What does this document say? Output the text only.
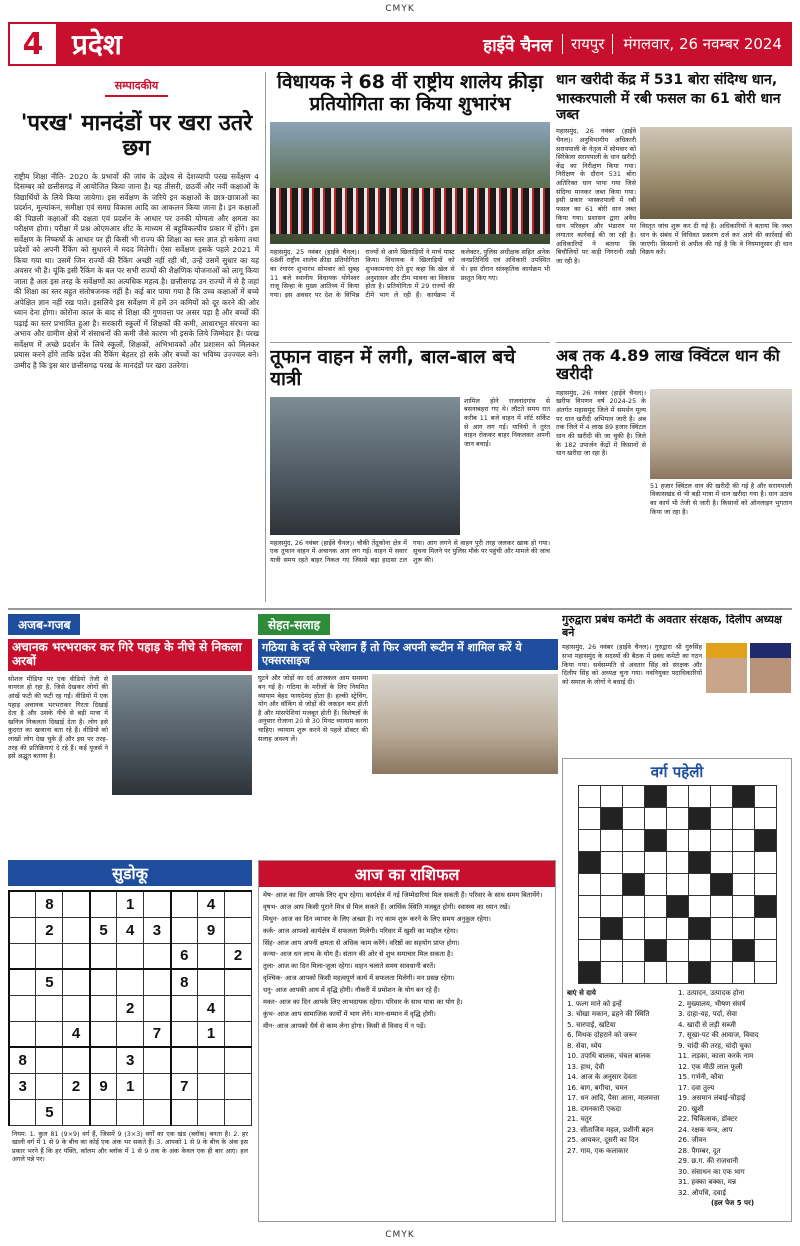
CMYK
4	प्रदेश	हाईवे चैनल	रायपुर	मंगलवार, 26 नवम्बर 2024
सम्पादकीय
'परख' मानदंडों पर खरा उतरे छग
राष्ट्रीय शिक्षा नीति- 2020 के प्रभावों की जांच के उद्देश्य से देशव्यापी परख सर्वेक्षण 4 दिसम्बर को छत्तीसगढ़ में आयोजित किया जाना है। यह तीसरी, छठवीं और नवीं कक्षाओं के विद्यार्थियों के लिये किया जायेगा। इस सर्वेक्षण के जरिये इन कक्षाओं के छात्र-छात्राओं का प्रदर्शन, मूल्यांकन, समीक्षा एवं समग्र विकास आदि का आकलन किया जाना है। इन कक्षाओं की पिछली कक्षाओं की दक्षता एवं प्रदर्शन के आधार पर उनकी योग्यता और क्षमता का परीक्षण होगा। परीक्षा में प्रश्न ओएमआर शीट के माध्यम से बहुविकल्पीय प्रकार में होंगे। इस सर्वेक्षण के निष्कर्षों के आधार पर ही किसी भी राज्य की शिक्षा का स्तर ज्ञात हो सकेगा तथा प्रदेशों को अपनी रैंकिंग को सुधारने में मदद मिलेगी। ऐसा सर्वेक्षण इसके पहले 2021 में किया गया था। उसमें जिन राज्यों की रैंकिंग अच्छी नहीं रही थी, उन्हें उसमें सुधार का यह अवसर भी है। चूंकि इसी रैंकिंग के बल पर सभी राज्यों की शैक्षणिक योजनाओं को लागू किया जाता है अतः इस तरह के सर्वेक्षणों का अत्यधिक महत्व है। छत्तीसगढ़ उन राज्यों में से है जहां की शिक्षा का स्तर बहुत संतोषजनक नहीं है। कई बार पाया गया है कि उच्च कक्षाओं में बच्चे अपेक्षित ज्ञान नहीं रख पाते। इसलिये इस सर्वेक्षण में हमें उन कमियों को दूर करने की ओर ध्यान देना होगा। कोरोना काल के बाद से शिक्षा की गुणवत्ता पर असर पड़ा है और बच्चों की पढ़ाई का स्तर प्रभावित हुआ है। सरकारी स्कूलों में शिक्षकों की कमी, आधारभूत संरचना का अभाव और ग्रामीण क्षेत्रों में संसाधनों की कमी जैसे कारण भी इसके लिये जिम्मेदार हैं। परख सर्वेक्षण में अच्छे प्रदर्शन के लिये स्कूलों, शिक्षकों, अभिभावकों और प्रशासन को मिलकर प्रयास करने होंगे ताकि प्रदेश की रैंकिंग बेहतर हो सके और बच्चों का भविष्य उज्ज्वल बने। उम्मीद है कि इस बार छत्तीसगढ़ परख के मानदंडों पर खरा उतरेगा।
विधायक ने 68 वीं राष्ट्रीय शालेय क्रीड़ा प्रतियोगिता का किया शुभारंभ
महासमुंद, 25 नवंबर (हाईवे चैनल)। 68वीं राष्ट्रीय शालेय क्रीड़ा प्रतियोगिता का रंगारंग शुभारंभ सोमवार को सुबह 11 बजे स्थानीय विधायक योगेश्वर राजू सिन्हा के मुख्य आतिथ्य में किया गया। इस अवसर पर देश के विभिन्न राज्यों से आये खिलाड़ियों ने मार्च पास्ट किया। विधायक ने खिलाड़ियों को शुभकामनाएं देते हुए कहा कि खेल से अनुशासन और टीम भावना का विकास होता है। प्रतियोगिता में 29 राज्यों की टीमें भाग ले रही हैं। कार्यक्रम में कलेक्टर, पुलिस अधीक्षक सहित अनेक जनप्रतिनिधि एवं अधिकारी उपस्थित थे। इस दौरान सांस्कृतिक कार्यक्रम भी प्रस्तुत किए गए।
धान खरीदी केंद्र में 531 बोरा संदिग्ध धान,
भास्करपाली में रबी फसल का 61 बोरी धान जब्त
महासमुंद, 26 नवंबर (हाईवे चैनल)। अनुविभागीय अधिकारी सरायपाली के नेतृत्व में सोमवार को सिरेकेला सरायपाली के धान खरीदी केंद्र का निरीक्षण किया गया। निरीक्षण के दौरान 531 बोरा अतिरिक्त धान पाया गया जिसे संदिग्ध मानकर जब्त किया गया। इसी प्रकार भास्करपाली में रबी फसल का 61 बोरी धान जब्त किया गया। प्रशासन द्वारा अवैध धान परिवहन और भंडारण पर लगातार कार्रवाई की जा रही है। अधिकारियों ने बताया कि बिचौलियों पर कड़ी निगरानी रखी जा रही है।
विस्तृत जांच शुरू कर दी गई है। अधिकारियों ने बताया कि जब्त धान के संबंध में विधिवत प्रकरण दर्ज कर आगे की कार्रवाई की जाएगी। किसानों से अपील की गई है कि वे नियमानुसार ही धान विक्रय करें।
तूफान वाहन में लगी, बाल-बाल बचे यात्री
शामिल होने राजनांदगांव से बसनाबहरा गए थे। लौटते समय रात करीब 11 बजे वाहन में शॉर्ट सर्किट से आग लग गई। यात्रियों ने तुरंत वाहन रोककर बाहर निकलकर अपनी जान बचाई।
महासमुंद, 26 नवंबर (हाईवे चैनल)। चौकी तेंदूकोना क्षेत्र में एक तूफान वाहन में अचानक आग लग गई। वाहन में सवार यात्री समय रहते बाहर निकल गए जिससे बड़ा हादसा टल गया। आग लगने से वाहन पूरी तरह जलकर खाक हो गया। सूचना मिलने पर पुलिस मौके पर पहुंची और मामले की जांच शुरू की।
अब तक 4.89 लाख क्विंटल धान की खरीदी
महासमुंद, 26 नवंबर (हाईवे चैनल)। खरीफ विपणन वर्ष 2024-25 के अंतर्गत महासमुंद जिले में समर्थन मूल्य पर धान खरीदी अभियान जारी है। अब तक जिले में 4 लाख 89 हजार क्विंटल धान की खरीदी की जा चुकी है। जिले के 182 उपार्जन केंद्रों में किसानों से धान खरीदा जा रहा है।
51 हजार क्विंटल धान की खरीदी की गई है और सरायपाली विकासखंड से भी बड़ी मात्रा में धान खरीदा गया है। धान उठाव का कार्य भी तेजी से जारी है। किसानों को ऑनलाइन भुगतान किया जा रहा है।
अजब-गजब
अचानक भरभराकर कर गिरे पहाड़ के नीचे से निकला अरबों
सोशल मीडिया पर एक वीडियो तेजी से वायरल हो रहा है, जिसे देखकर लोगों की आंखें फटी की फटी रह गईं। वीडियो में एक पहाड़ अचानक भरभराकर गिरता दिखाई देता है और उसके नीचे से बड़ी मात्रा में खनिज निकलता दिखाई देता है। लोग इसे कुदरत का खजाना बता रहे हैं। वीडियो को लाखों लोग देख चुके हैं और इस पर तरह-तरह की प्रतिक्रियाएं दे रहे हैं। कई यूजर्स ने इसे अद्भुत बताया है।
सेहत-सलाह
गठिया के दर्द से परेशान हैं तो फिर अपनी रूटीन में शामिल करें ये एक्सरसाइज
घुटने और जोड़ों का दर्द आजकल आम समस्या बन गई है। गठिया के मरीजों के लिए नियमित व्यायाम बेहद फायदेमंद होता है। हल्की स्ट्रेचिंग, योग और वॉकिंग से जोड़ों की जकड़न कम होती है और मांसपेशियां मजबूत होती हैं। विशेषज्ञों के अनुसार रोजाना 20 से 30 मिनट व्यायाम करना चाहिए। व्यायाम शुरू करने से पहले डॉक्टर की सलाह अवश्य लें।
गुरुद्वारा प्रबंध कमेटी के अवतार संरक्षक, दिलीप अध्यक्ष बने
महासमुंद, 26 नवंबर (हाईवे चैनल)। गुरुद्वारा श्री गुरुसिंह सभा महासमुंद के सदस्यों की बैठक में प्रबंध कमेटी का गठन किया गया। सर्वसम्मति से अवतार सिंह को संरक्षक और दिलीप सिंह को अध्यक्ष चुना गया। नवनियुक्त पदाधिकारियों को समाज के लोगों ने बधाई दी।
वर्ग पहेली

बाएं से दाये
1. फल्ग माने को इन्हें
3. चोखा मकान, ढहने की स्थिति
5. चारपाई, खटिया
6. मिथक दोहराने को जरूर
8. सेवा, ध्येय
10. उपाधि बालक, चंचल बालक
13. हाथ, देवी
14. आज के अनुसार देवता
16. बाग, बगीचा, चमन
17. धन आदि, पैसा आना, मालमत्ता
18. दमनकारी एकदा
21. चतुर
23. सीताजिय महल, प्रशीनी बहन
25. आयकर, दूसरी का दिन
27. गाय, एक कलाकार
1. उत्पादन, उत्पादक होना
2. मुख्यालय, भीषण संघर्ष
3. दाहा-वह, पर्दा, सेवा
4. खादी से लड़ी सब्जी
7. सूखा-पट की आवाज, विवाद
9. चांदी की तरह, चांदी चुका
11. लड़का, काला करके नाम
12. एक मीठी लाल फूली
15. गर्भनी, कौवा
17. दवा तुल्य
19. असमान लंबाई-चौड़ाई
20. खुशी
22. चिकित्सक, डॉक्टर
24. रक्षक यन्त्र, आप
26. जीवन
28. पैगम्बर, दूत
29. छ.ग. की राजधानी
30. संसाधन का एक भाग
31. हक्का बक्का, मन्न
32. औपधि, दवाई
(हल पेज 5 पर)
सुडोकू
	8			1			4	
	2		5	4	3		9	
						6		2
	5					8		
				2			4	
		4			7		1	
8				3				
3		2	9	1		7		
	5							
नियम: 1. कुल 81 (9×9) वर्ग हैं, जिसमें 9 (3×3) वर्गों का एक खंड (ब्लॉक) बनता है। 2. हर खाली वर्ग में 1 से 9 के बीच का कोई एक अंक भर सकते हैं। 3. आपको 1 से 9 के बीच के अंक इस प्रकार भरने हैं कि हर पंक्ति, कॉलम और ब्लॉक में 1 से 9 तक के अंक केवल एक ही बार आएं। हल अगले पन्ने पर।
आज का राशिफल

मेष- आज का दिन आपके लिए शुभ रहेगा। कार्यक्षेत्र में नई जिम्मेदारियां मिल सकती हैं। परिवार के साथ समय बितायेंगे।

वृषभ- आज आप किसी पुराने मित्र से मिल सकते हैं। आर्थिक स्थिति मजबूत होगी। स्वास्थ्य का ध्यान रखें।

मिथुन- आज का दिन व्यापार के लिए अच्छा है। नए काम शुरू करने के लिए समय अनुकूल रहेगा।

कर्क- आज आपको कार्यक्षेत्र में सफलता मिलेगी। परिवार में खुशी का माहौल रहेगा।

सिंह- आज आप अपनी क्षमता से अधिक काम करेंगे। वरिष्ठों का सहयोग प्राप्त होगा।

कन्या- आज धन लाभ के योग हैं। संतान की ओर से शुभ समाचार मिल सकता है।

तुला- आज का दिन मिला-जुला रहेगा। वाहन चलाते समय सावधानी बरतें।

वृश्चिक- आज आपको किसी महत्वपूर्ण कार्य में सफलता मिलेगी। मन प्रसन्न रहेगा।

धनु- आज आपकी आय में वृद्धि होगी। नौकरी में प्रमोशन के योग बन रहे हैं।

मकर- आज का दिन आपके लिए लाभदायक रहेगा। परिवार के साथ यात्रा का योग है।

कुंभ- आज आप सामाजिक कार्यों में भाग लेंगे। मान-सम्मान में वृद्धि होगी।

मीन- आज आपको धैर्य से काम लेना होगा। किसी से विवाद में न पड़ें।

CMYK
